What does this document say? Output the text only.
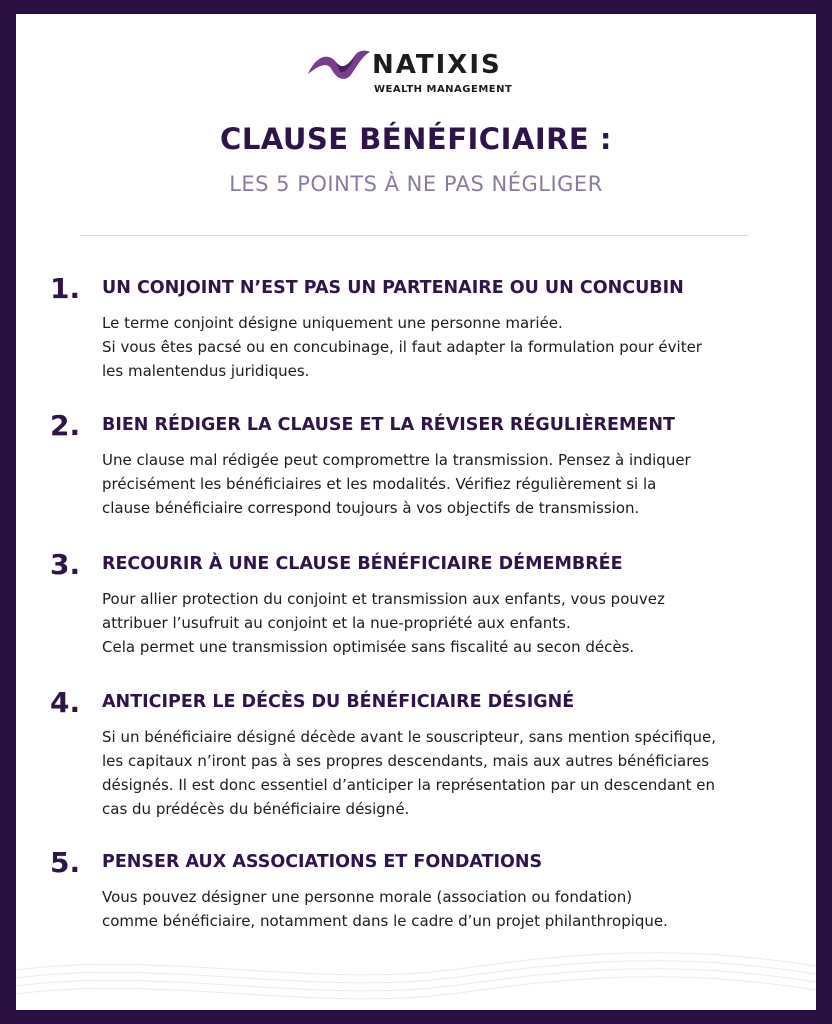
NATIXIS
WEALTH MANAGEMENT
CLAUSE BÉNÉFICIAIRE :
LES 5 POINTS À NE PAS NÉGLIGER
1. UN CONJOINT N’EST PAS UN PARTENAIRE OU UN CONCUBIN
Le terme conjoint désigne uniquement une personne mariée.
Si vous êtes pacsé ou en concubinage, il faut adapter la formulation pour éviter
les malentendus juridiques.
2. BIEN RÉDIGER LA CLAUSE ET LA RÉVISER RÉGULIÈREMENT
Une clause mal rédigée peut compromettre la transmission. Pensez à indiquer
précisément les bénéficiaires et les modalités. Vérifiez régulièrement si la
clause bénéficiaire correspond toujours à vos objectifs de transmission.
3. RECOURIR À UNE CLAUSE BÉNÉFICIAIRE DÉMEMBRÉE
Pour allier protection du conjoint et transmission aux enfants, vous pouvez
attribuer l’usufruit au conjoint et la nue-propriété aux enfants.
Cela permet une transmission optimisée sans fiscalité au secon décès.
4. ANTICIPER LE DÉCÈS DU BÉNÉFICIAIRE DÉSIGNÉ
Si un bénéficiaire désigné décède avant le souscripteur, sans mention spécifique,
les capitaux n’iront pas à ses propres descendants, mais aux autres bénéficiares
désignés. Il est donc essentiel d’anticiper la représentation par un descendant en
cas du prédécès du bénéficiaire désigné.
5. PENSER AUX ASSOCIATIONS ET FONDATIONS
Vous pouvez désigner une personne morale (association ou fondation)
comme bénéficiaire, notamment dans le cadre d’un projet philanthropique.
